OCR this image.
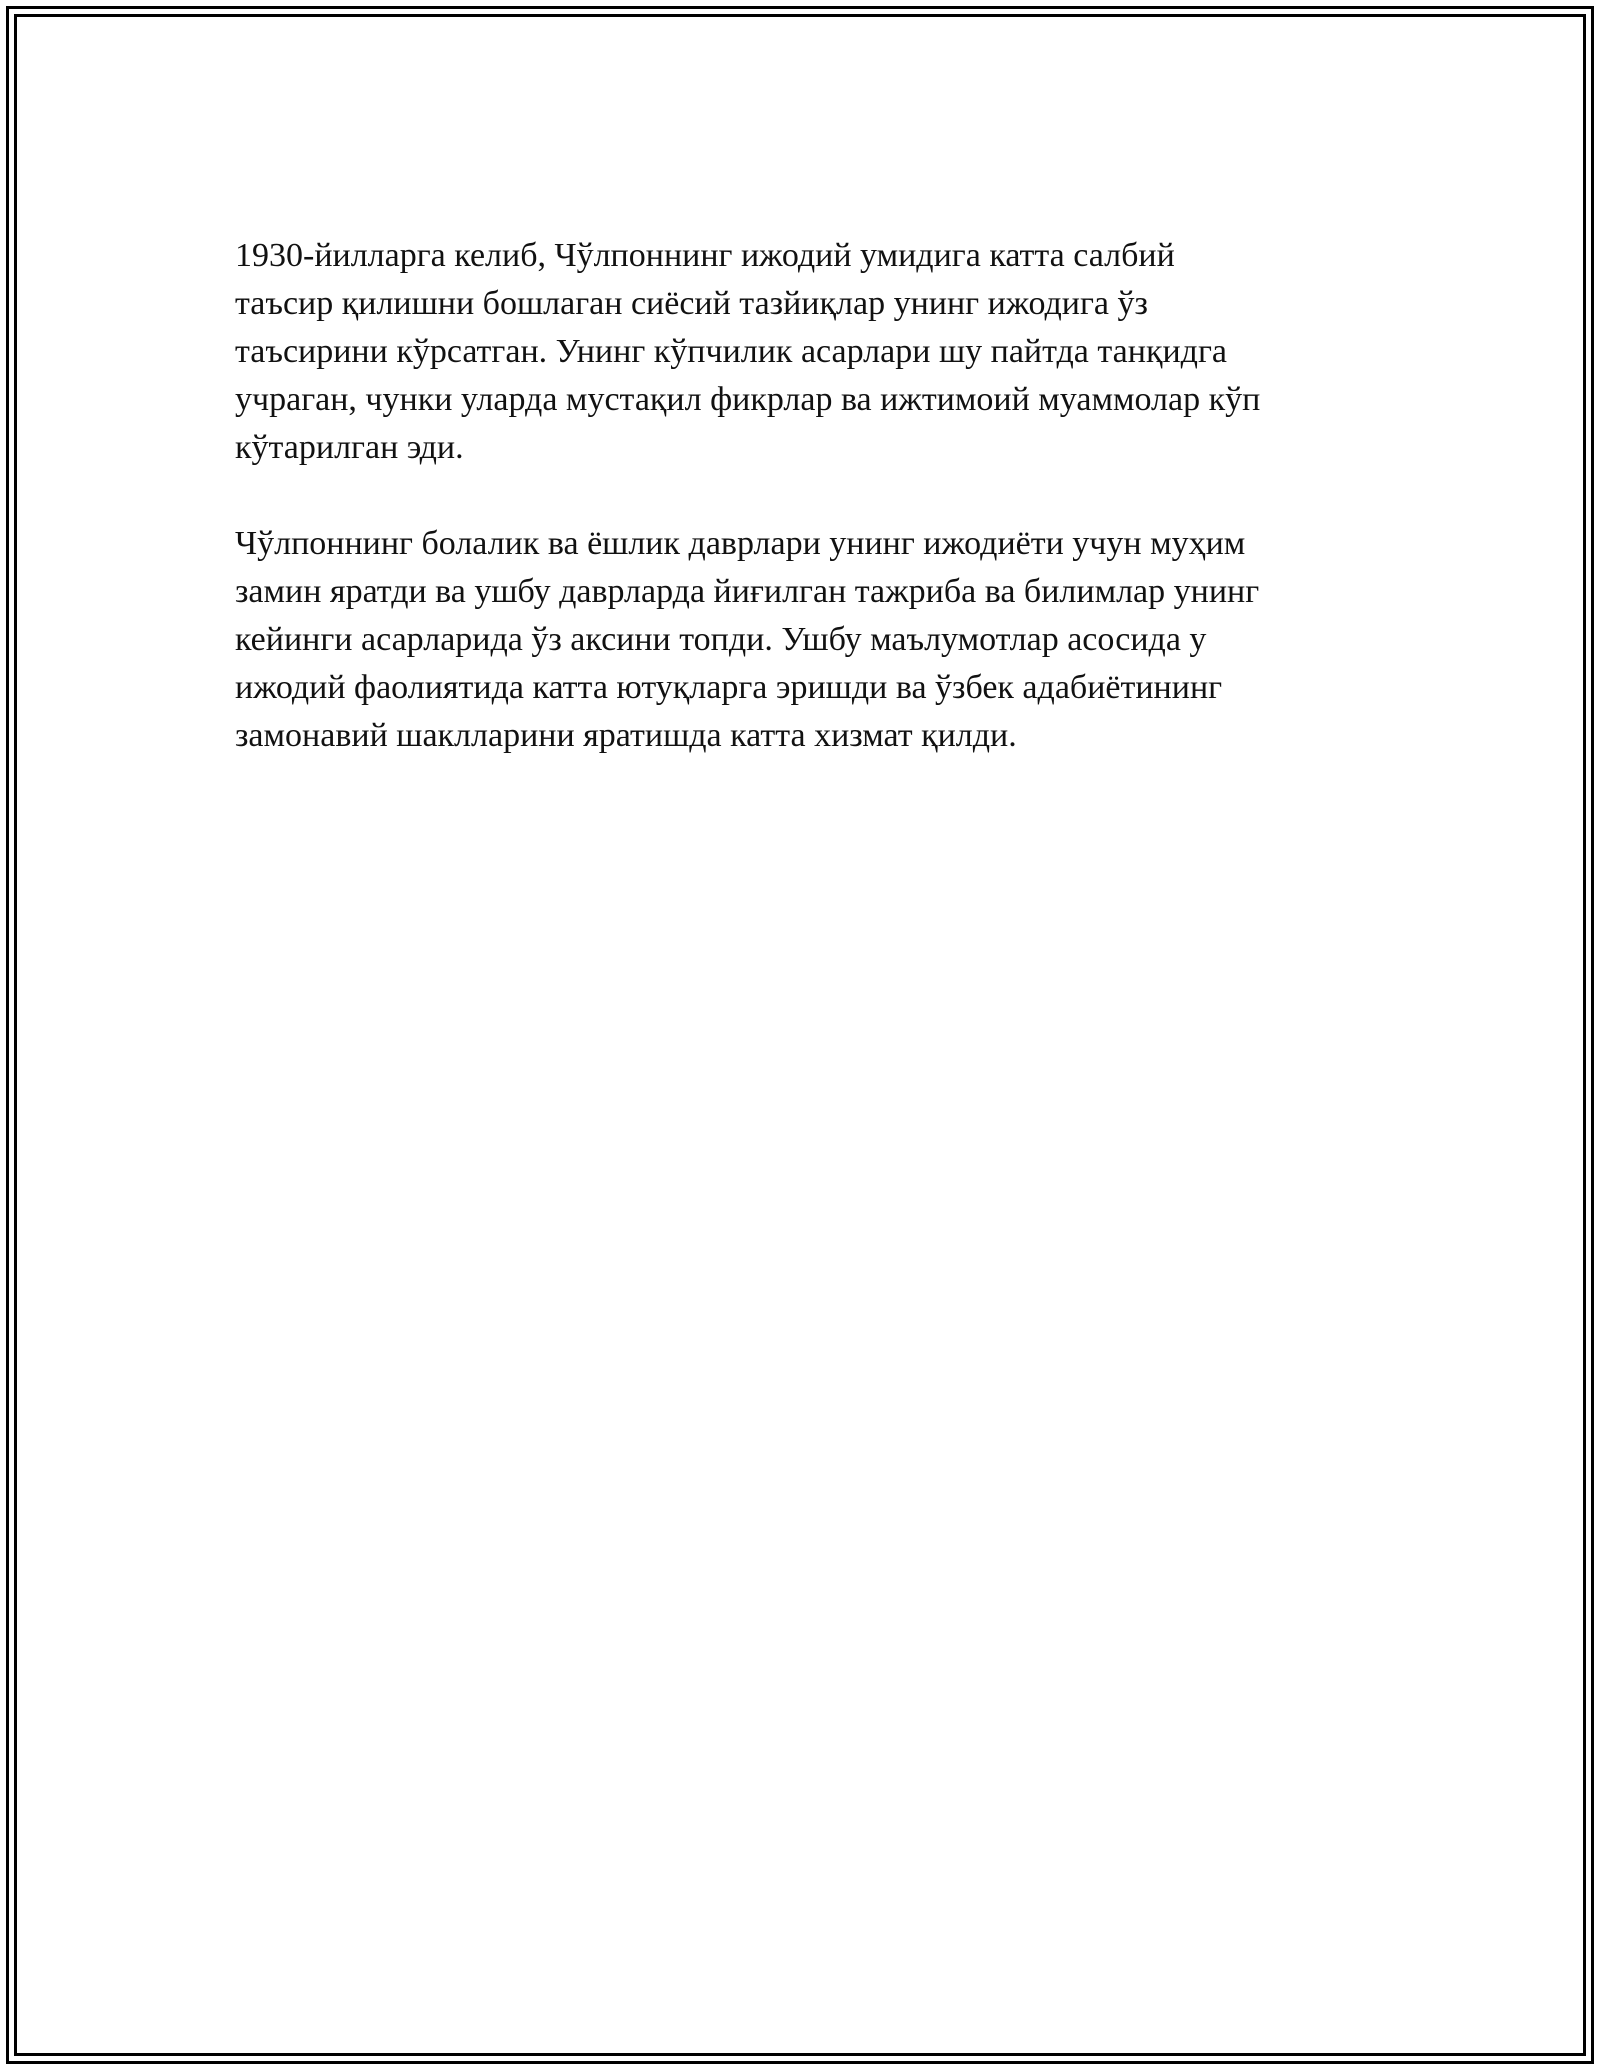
1930-йилларга келиб, Чўлпоннинг ижодий умидига катта салбий
таъсир қилишни бошлаган сиёсий тазйиқлар унинг ижодига ўз
таъсирини кўрсатган. Унинг кўпчилик асарлари шу пайтда танқидга
учраган, чунки уларда мустақил фикрлар ва ижтимоий муаммолар кўп
кўтарилган эди.

Чўлпоннинг болалик ва ёшлик даврлари унинг ижодиёти учун муҳим
замин яратди ва ушбу даврларда йиғилган тажриба ва билимлар унинг
кейинги асарларида ўз аксини топди. Ушбу маълумотлар асосида у
ижодий фаолиятида катта ютуқларга эришди ва ўзбек адабиётининг
замонавий шаклларини яратишда катта хизмат қилди.
